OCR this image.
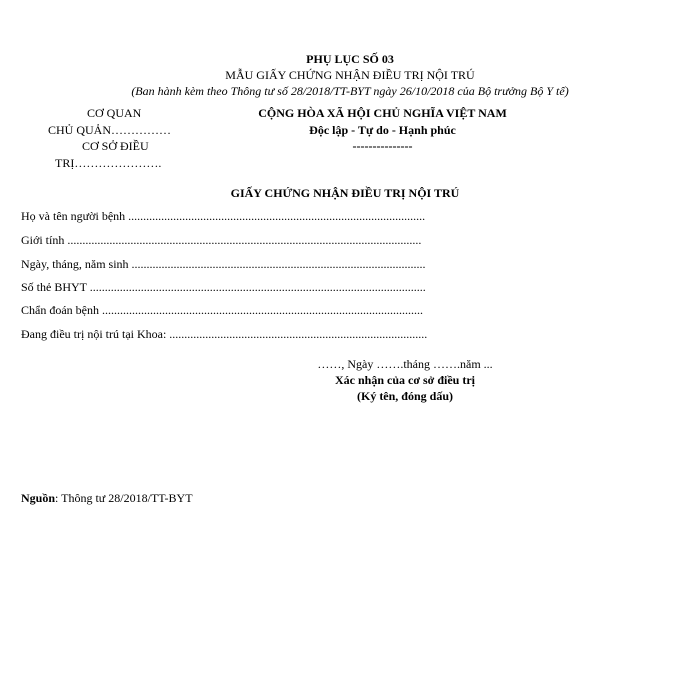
PHỤ LỤC SỐ 03
MẪU GIẤY CHỨNG NHẬN ĐIỀU TRỊ NỘI TRÚ
(Ban hành kèm theo Thông tư số 28/2018/TT-BYT ngày 26/10/2018 của Bộ trưởng Bộ Y tế)
CƠ QUAN
CHỦ QUẢN……………
CƠ SỞ ĐIỀU
TRỊ………………….
CỘNG HÒA XÃ HỘI CHỦ NGHĨA VIỆT NAM
Độc lập - Tự do - Hạnh phúc
---------------
GIẤY CHỨNG NHẬN ĐIỀU TRỊ NỘI TRÚ
Họ và tên người bệnh ...................................................................................................
Giới tính ......................................................................................................................
Ngày, tháng, năm sinh ..................................................................................................
Số thẻ BHYT ................................................................................................................
Chẩn đoán bệnh ...........................................................................................................
Đang điều trị nội trú tại Khoa: ......................................................................................
……, Ngày …….tháng …….năm ...
Xác nhận của cơ sở điều trị
(Ký tên, đóng dấu)
Nguồn: Thông tư 28/2018/TT-BYT
